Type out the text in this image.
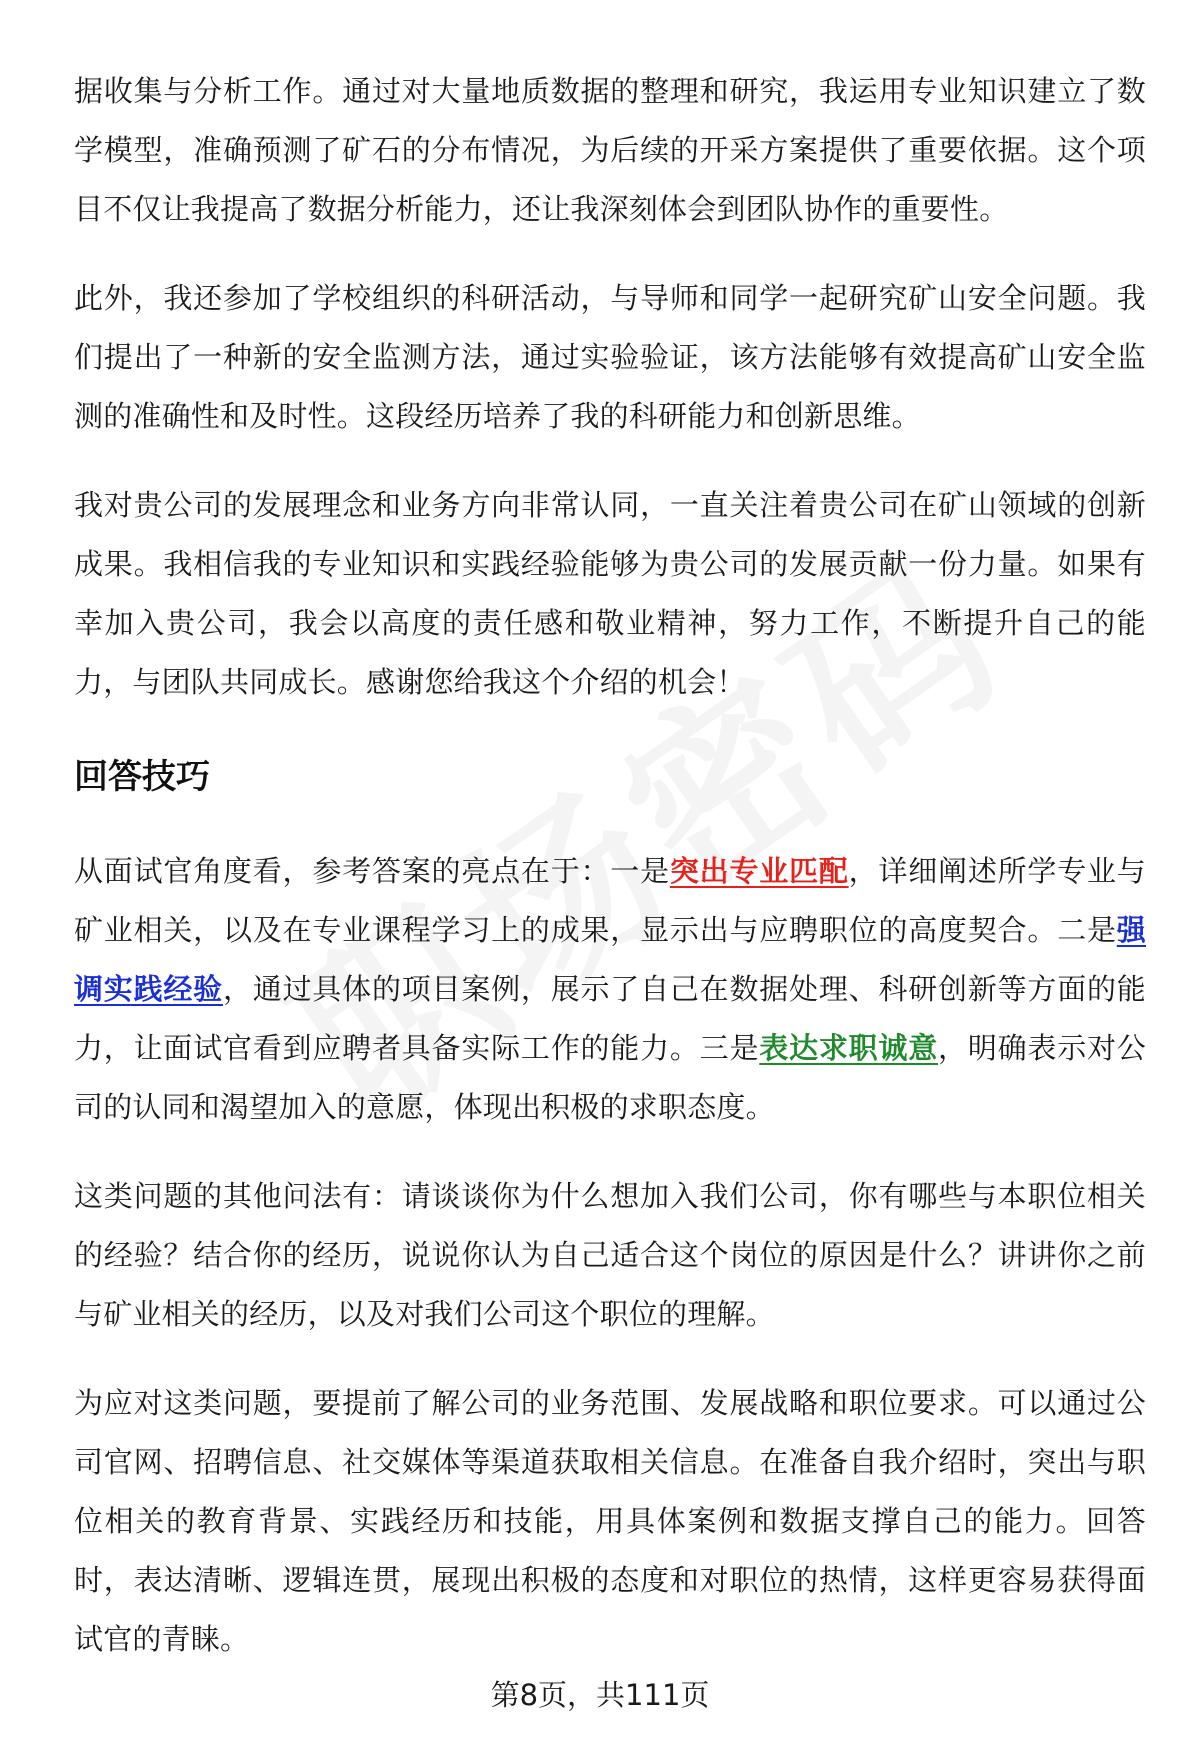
据收集与分析工作。通过对大量地质数据的整理和研究，我运用专业知识建立了数学模型，准确预测了矿石的分布情况，为后续的开采方案提供了重要依据。这个项目不仅让我提高了数据分析能力，还让我深刻体会到团队协作的重要性。

此外，我还参加了学校组织的科研活动，与导师和同学一起研究矿山安全问题。我们提出了一种新的安全监测方法，通过实验验证，该方法能够有效提高矿山安全监测的准确性和及时性。这段经历培养了我的科研能力和创新思维。

我对贵公司的发展理念和业务方向非常认同，一直关注着贵公司在矿山领域的创新成果。我相信我的专业知识和实践经验能够为贵公司的发展贡献一份力量。如果有幸加入贵公司，我会以高度的责任感和敬业精神，努力工作，不断提升自己的能力，与团队共同成长。感谢您给我这个介绍的机会！

回答技巧

从面试官角度看，参考答案的亮点在于：一是突出专业匹配，详细阐述所学专业与矿业相关，以及在专业课程学习上的成果，显示出与应聘职位的高度契合。二是强调实践经验，通过具体的项目案例，展示了自己在数据处理、科研创新等方面的能力，让面试官看到应聘者具备实际工作的能力。三是表达求职诚意，明确表示对公司的认同和渴望加入的意愿，体现出积极的求职态度。

这类问题的其他问法有：请谈谈你为什么想加入我们公司，你有哪些与本职位相关的经验？结合你的经历，说说你认为自己适合这个岗位的原因是什么？讲讲你之前与矿业相关的经历，以及对我们公司这个职位的理解。

为应对这类问题，要提前了解公司的业务范围、发展战略和职位要求。可以通过公司官网、招聘信息、社交媒体等渠道获取相关信息。在准备自我介绍时，突出与职位相关的教育背景、实践经历和技能，用具体案例和数据支撑自己的能力。回答时，表达清晰、逻辑连贯，展现出积极的态度和对职位的热情，这样更容易获得面试官的青睐。

第8页，共111页
